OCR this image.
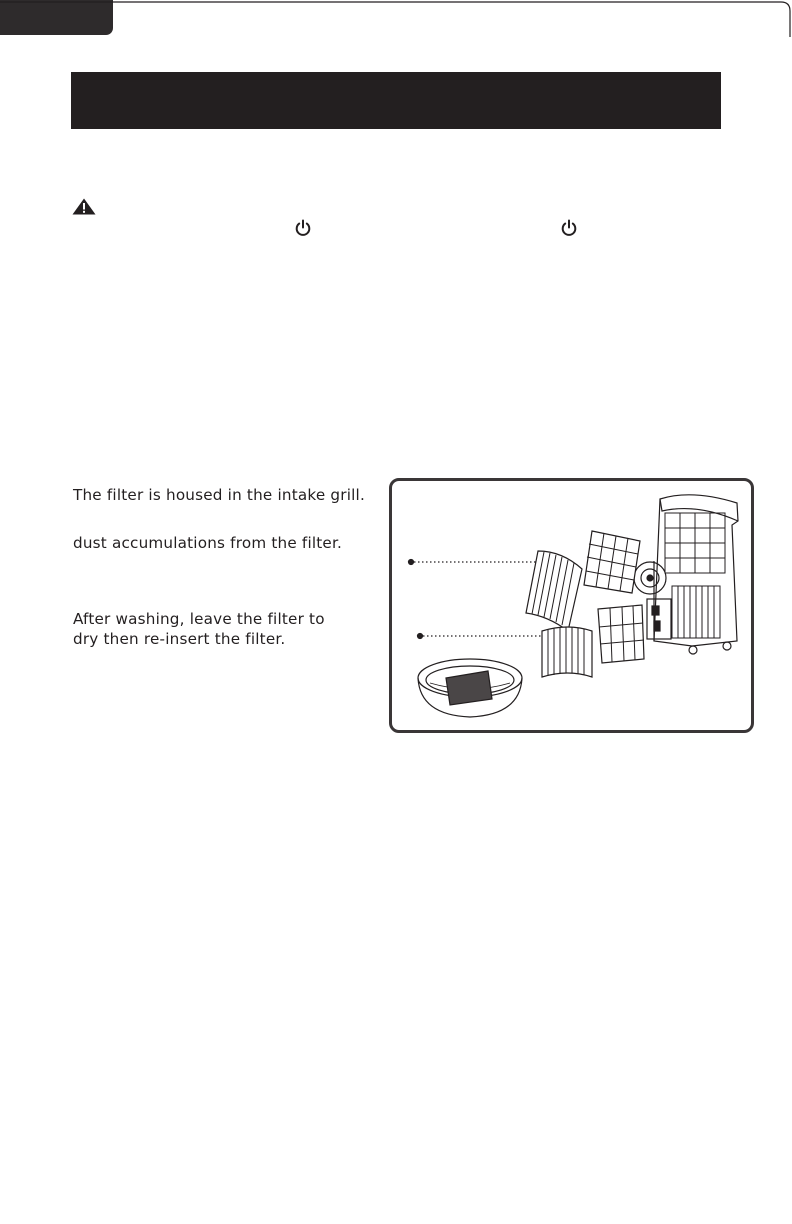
The filter is housed in the intake grill.
dust accumulations from the filter.
After washing, leave the filter to
dry then re-insert the filter.
